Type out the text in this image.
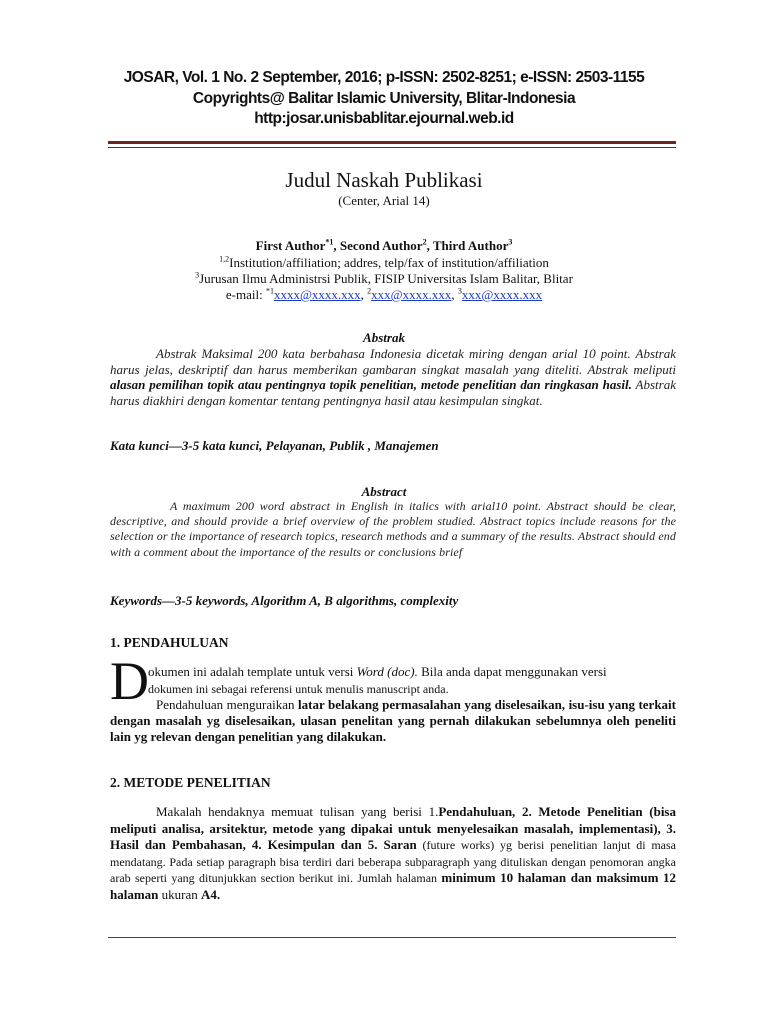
JOSAR, Vol. 1 No. 2 September, 2016; p-ISSN: 2502-8251; e-ISSN: 2503-1155
Copyrights@ Balitar Islamic University, Blitar-Indonesia
http:josar.unisbablitar.ejournal.web.id
Judul Naskah Publikasi
(Center, Arial 14)
First Author$^{*1}$, Second Author$^2$, Third Author$^3$
$^{1,2}$Institution/affiliation; addres, telp/fax of institution/affiliation
$^3$Jurusan Ilmu Administrsi Publik, FISIP Universitas Islam Balitar, Blitar
e-mail: $^{*1}$xxxx@xxxx.xxx, $^2$xxx@xxxx.xxx, $^3$xxx@xxxx.xxx
Abstrak
Abstrak Maksimal 200 kata berbahasa Indonesia dicetak miring dengan arial 10 point. Abstrak harus jelas, deskriptif dan harus memberikan gambaran singkat masalah yang diteliti. Abstrak meliputi alasan pemilihan topik atau pentingnya topik penelitian, metode penelitian dan ringkasan hasil. Abstrak harus diakhiri dengan komentar tentang pentingnya hasil atau kesimpulan singkat.
Kata kunci—3-5 kata kunci, Pelayanan, Publik , Manajemen
Abstract
A maximum 200 word abstract in English in italics with arial10 point. Abstract should be clear, descriptive, and should provide a brief overview of the problem studied. Abstract topics include reasons for the selection or the importance of research topics, research methods and a summary of the results. Abstract should end with a comment about the importance of the results or conclusions brief
Keywords—3-5 keywords, Algorithm A, B algorithms, complexity
1. PENDAHULUAN
D okumen ini adalah template untuk versi Word (doc). Bila anda dapat menggunakan versi
dokumen ini sebagai referensi untuk menulis manuscript anda.
Pendahuluan menguraikan latar belakang permasalahan yang diselesaikan, isu-isu yang terkait dengan masalah yg diselesaikan, ulasan penelitan yang pernah dilakukan sebelumnya oleh peneliti lain yg relevan dengan penelitian yang dilakukan.
2. METODE PENELITIAN
Makalah hendaknya memuat tulisan yang berisi 1.Pendahuluan, 2. Metode Penelitian (bisa meliputi analisa, arsitektur, metode yang dipakai untuk menyelesaikan masalah, implementasi), 3. Hasil dan Pembahasan, 4. Kesimpulan dan 5. Saran (future works) yg berisi penelitian lanjut di masa mendatang. Pada setiap paragraph bisa terdiri dari beberapa subparagraph yang dituliskan dengan penomoran angka arab seperti yang ditunjukkan section berikut ini. Jumlah halaman minimum 10 halaman dan maksimum 12 halaman ukuran A4.
